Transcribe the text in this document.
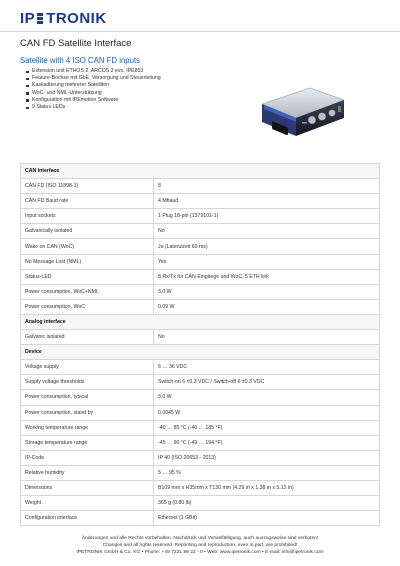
IP TRONIK
CAN FD Satellite Interface
Satellite with 4 ISO CAN FD inputs
Extension unit ETHOS 2, ARCOS 2 evo, IPE853
Feature-Bochse mit GbE, Versorgung und Steuerleitung
Kaskadierung mehrerer Satelliten
WoC- und NML-Unterstützung
Konfiguration mit IPEmotion Software
9 Status LEDs
CAN Interface	
CAN FD (ISO 11898-1)	8
CAN FD Baud rate	4 Mbaud
Input sockets	1 Plug 18-pin (1379101-1)
Galvanically isolated	No
Wake on CAN (WoC)	Ja (Latenzzeit 60 ms)
No Message Lost (NML)	Yes
Status-LED	8 Rx/Tx für CAN Eingänge und WoC, 5 ETH link
Power consumption, WoC+NML	3.0 W
Power consumption, WoC	0.09 W
Analog interface	
Galvanic isolated	No
Device	
Voltage supply	6 … 36 VDC
Supply voltage thresholds	Switch-on 6 ±0.3 VDC / Switch-off 6 ±0.3 VDC
Power consumption, typical	3.0 W
Power consumption, stand by	0.0045 W
Working temperature range	-40 … 85 °C (-40 … 185 °F)
Storage temperature range	-45 … 90 °C (-49 … 194 °F)
IP-Code	IP 40 (ISO 20653 - 2013)
Relative humidity	5 … 95 %
Dimensions	B109 mm x H35mm x T130 mm (4.29 in x 1.38 in x 5.12 in)
Weight	365 g (0.80 lb)
Configuration interface	Ethernet (1 GBit)
Änderungen und alle Rechte vorbehalten. Nachdruck und Vervielfältigung, auch auszugsweise sind verboten!
Changes and all rights reserved. Reprinting and reproduction, even in part, are prohibited!
IPETRONIK GmbH & Co. KG • Phone: +49 7221 99 22 - 0 • Web: www.ipetronik.com • E-mail: info@ipetronik.com
